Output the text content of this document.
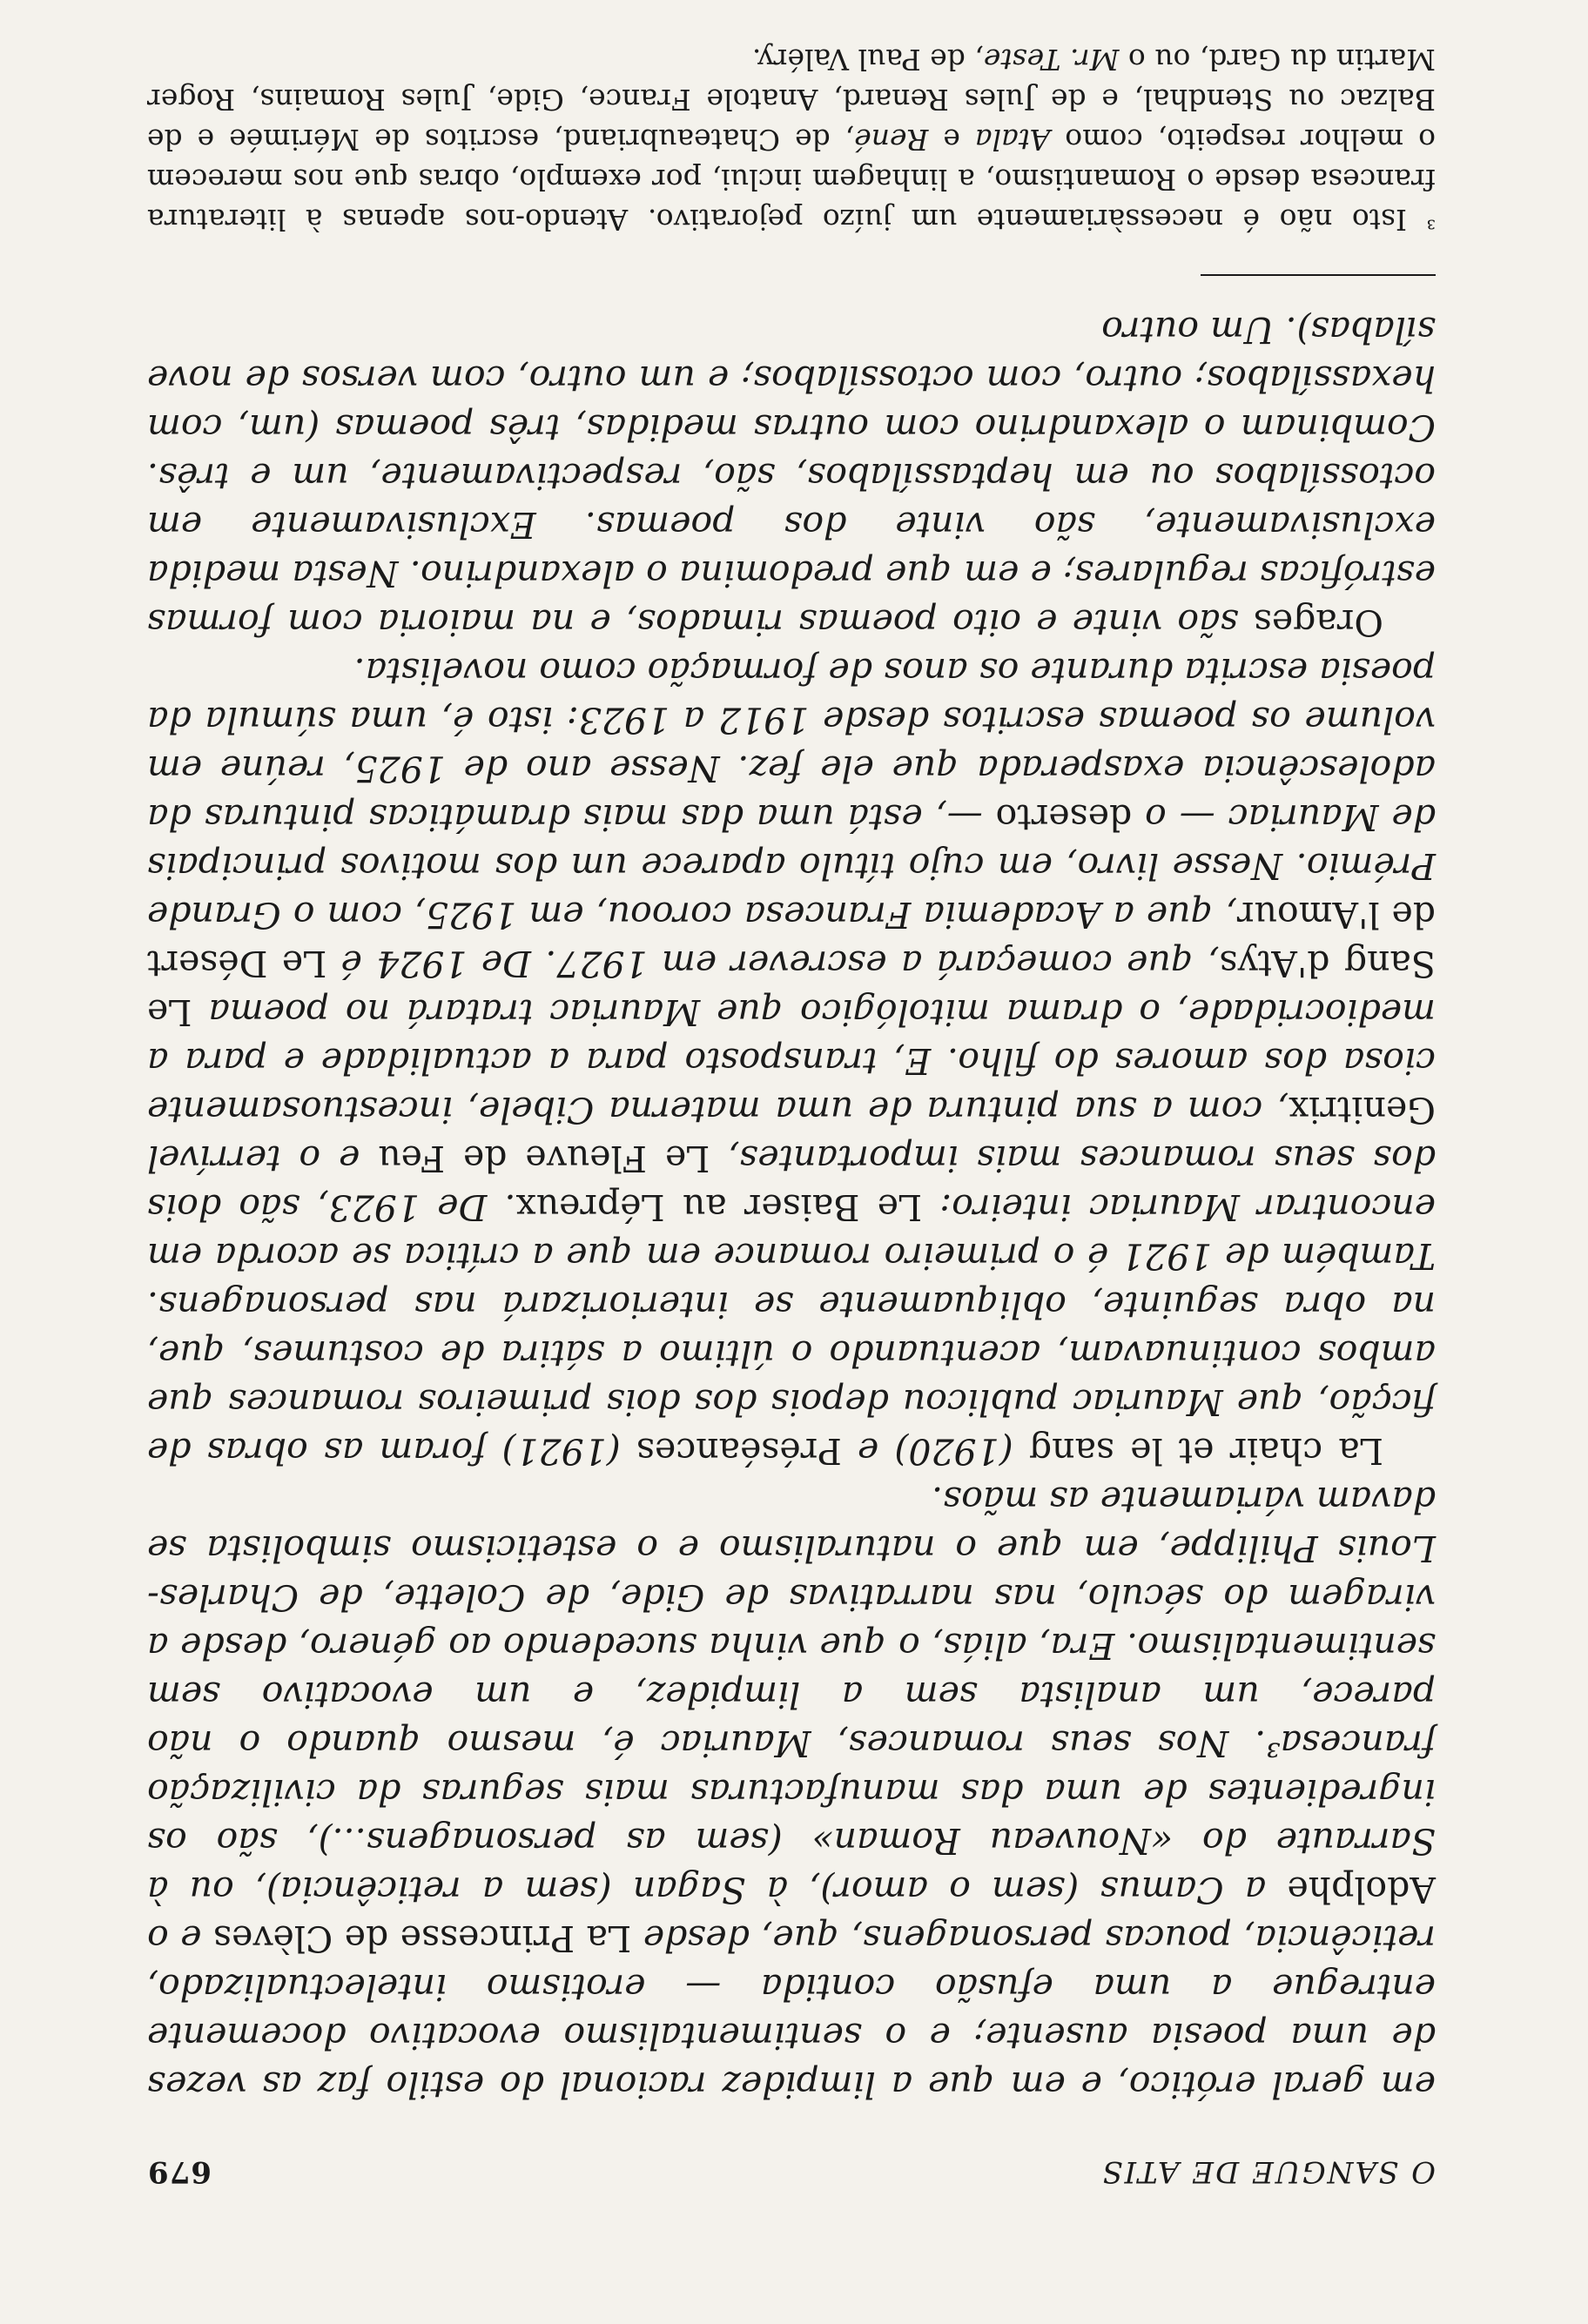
O SANGUE DE ATIS
679

em geral erótico, e em que a limpidez racional do estilo faz as vezes de uma poesia ausente; e o sentimentalismo evocativo docemente entregue a uma efusão contida — erotismo intelectualizado, reticência, poucas personagens, que, desde La Princesse de Clèves e o Adolphe a Camus (sem o amor), à Sagan (sem a reticência), ou à Sarraute do «Nouveau Roman» (sem as personagens...), são os ingredientes de uma das manufacturas mais seguras da civilização francesa³. Nos seus romances, Mauriac é, mesmo quando o não parece, um analista sem a limpidez, e um evocativo sem sentimentalismo. Era, aliás, o que vinha sucedendo ao género, desde a viragem do século, nas narrativas de Gide, de Colette, de Charles-Louis Philippe, em que o naturalismo e o esteticismo simbolista se davam váriamente as mãos.

La chair et le sang (1920) e Préséances (1921) foram as obras de ficção, que Mauriac publicou depois dos dois primeiros romances que ambos continuavam, acentuando o último a sátira de costumes, que, na obra seguinte, obliquamente se interiorizará nas personagens. Também de 1921 é o primeiro romance em que a crítica se acorda em encontrar Mauriac inteiro: Le Baiser au Lépreux. De 1923, são dois dos seus romances mais importantes, Le Fleuve de Feu e o terrível Genitrix, com a sua pintura de uma materna Cibele, incestuosamente ciosa dos amores do filho. E, transposto para a actualidade e para a mediocridade, o drama mitológico que Mauriac tratará no poema Le Sang d'Atys, que começará a escrever em 1927. De 1924 é Le Désert de l'Amour, que a Academia Francesa coroou, em 1925, com o Grande Prémio. Nesse livro, em cujo título aparece um dos motivos principais de Mauriac — o deserto —, está uma das mais dramáticas pinturas da adolescência exasperada que ele fez. Nesse ano de 1925, reúne em volume os poemas escritos desde 1912 a 1923: isto é, uma súmula da poesia escrita durante os anos de formação como novelista.

Orages são vinte e oito poemas rimados, e na maioria com formas estróficas regulares; e em que predomina o alexandrino. Nesta medida exclusivamente, são vinte dos poemas. Exclusivamente em octossílabos ou em heptassílabos, são, respectivamente, um e três. Combinam o alexandrino com outras medidas, três poemas (um, com hexassílabos; outro, com octossílabos; e um outro, com versos de nove sílabas). Um outro

$^{^3}$ Isto não é necessàriamente um juízo pejorativo. Atendo-nos apenas à literatura francesa desde o Romantismo, a linhagem inclui, por exemplo, obras que nos merecem o melhor respeito, como Atala e René, de Chateaubriand, escritos de Mérimée e de Balzac ou Stendhal, e de Jules Renard, Anatole France, Gide, Jules Romains, Roger Martin du Gard, ou o Mr. Teste, de Paul Valéry.
